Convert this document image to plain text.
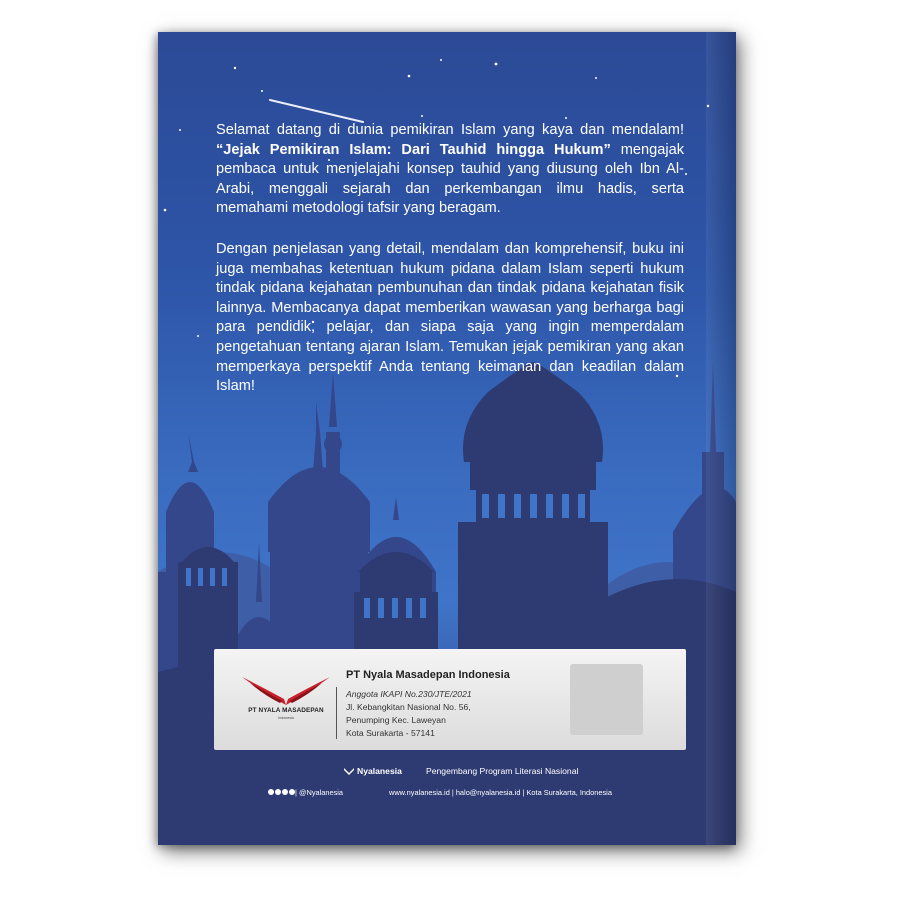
Selamat datang di dunia pemikiran Islam yang kaya dan mendalam! “Jejak Pemikiran Islam: Dari Tauhid hingga Hukum” mengajak pembaca untuk menjelajahi konsep tauhid yang diusung oleh Ibn Al-Arabi, menggali sejarah dan perkembangan ilmu hadis, serta memahami metodologi tafsir yang beragam.

Dengan penjelasan yang detail, mendalam dan komprehensif, buku ini juga membahas ketentuan hukum pidana dalam Islam seperti hukum tindak pidana kejahatan pembunuhan dan tindak pidana kejahatan fisik lainnya. Membacanya dapat memberikan wawasan yang berharga bagi para pendidik, pelajar, dan siapa saja yang ingin memperdalam pengetahuan tentang ajaran Islam. Temukan jejak pemikiran yang akan memperkaya perspektif Anda tentang keimanan dan keadilan dalam Islam!

PT NYALA MASADEPAN
Indonesia
PT Nyala Masadepan Indonesia
Anggota IKAPI No.230/JTE/2021
Jl. Kebangkitan Nasional No. 56,
Penumping Kec. Laweyan
Kota Surakarta - 57141
Nyalanesia	Pengembang Program Literasi Nasional
| @Nyalanesia	www.nyalanesia.id | halo@nyalanesia.id | Kota Surakarta, Indonesia
